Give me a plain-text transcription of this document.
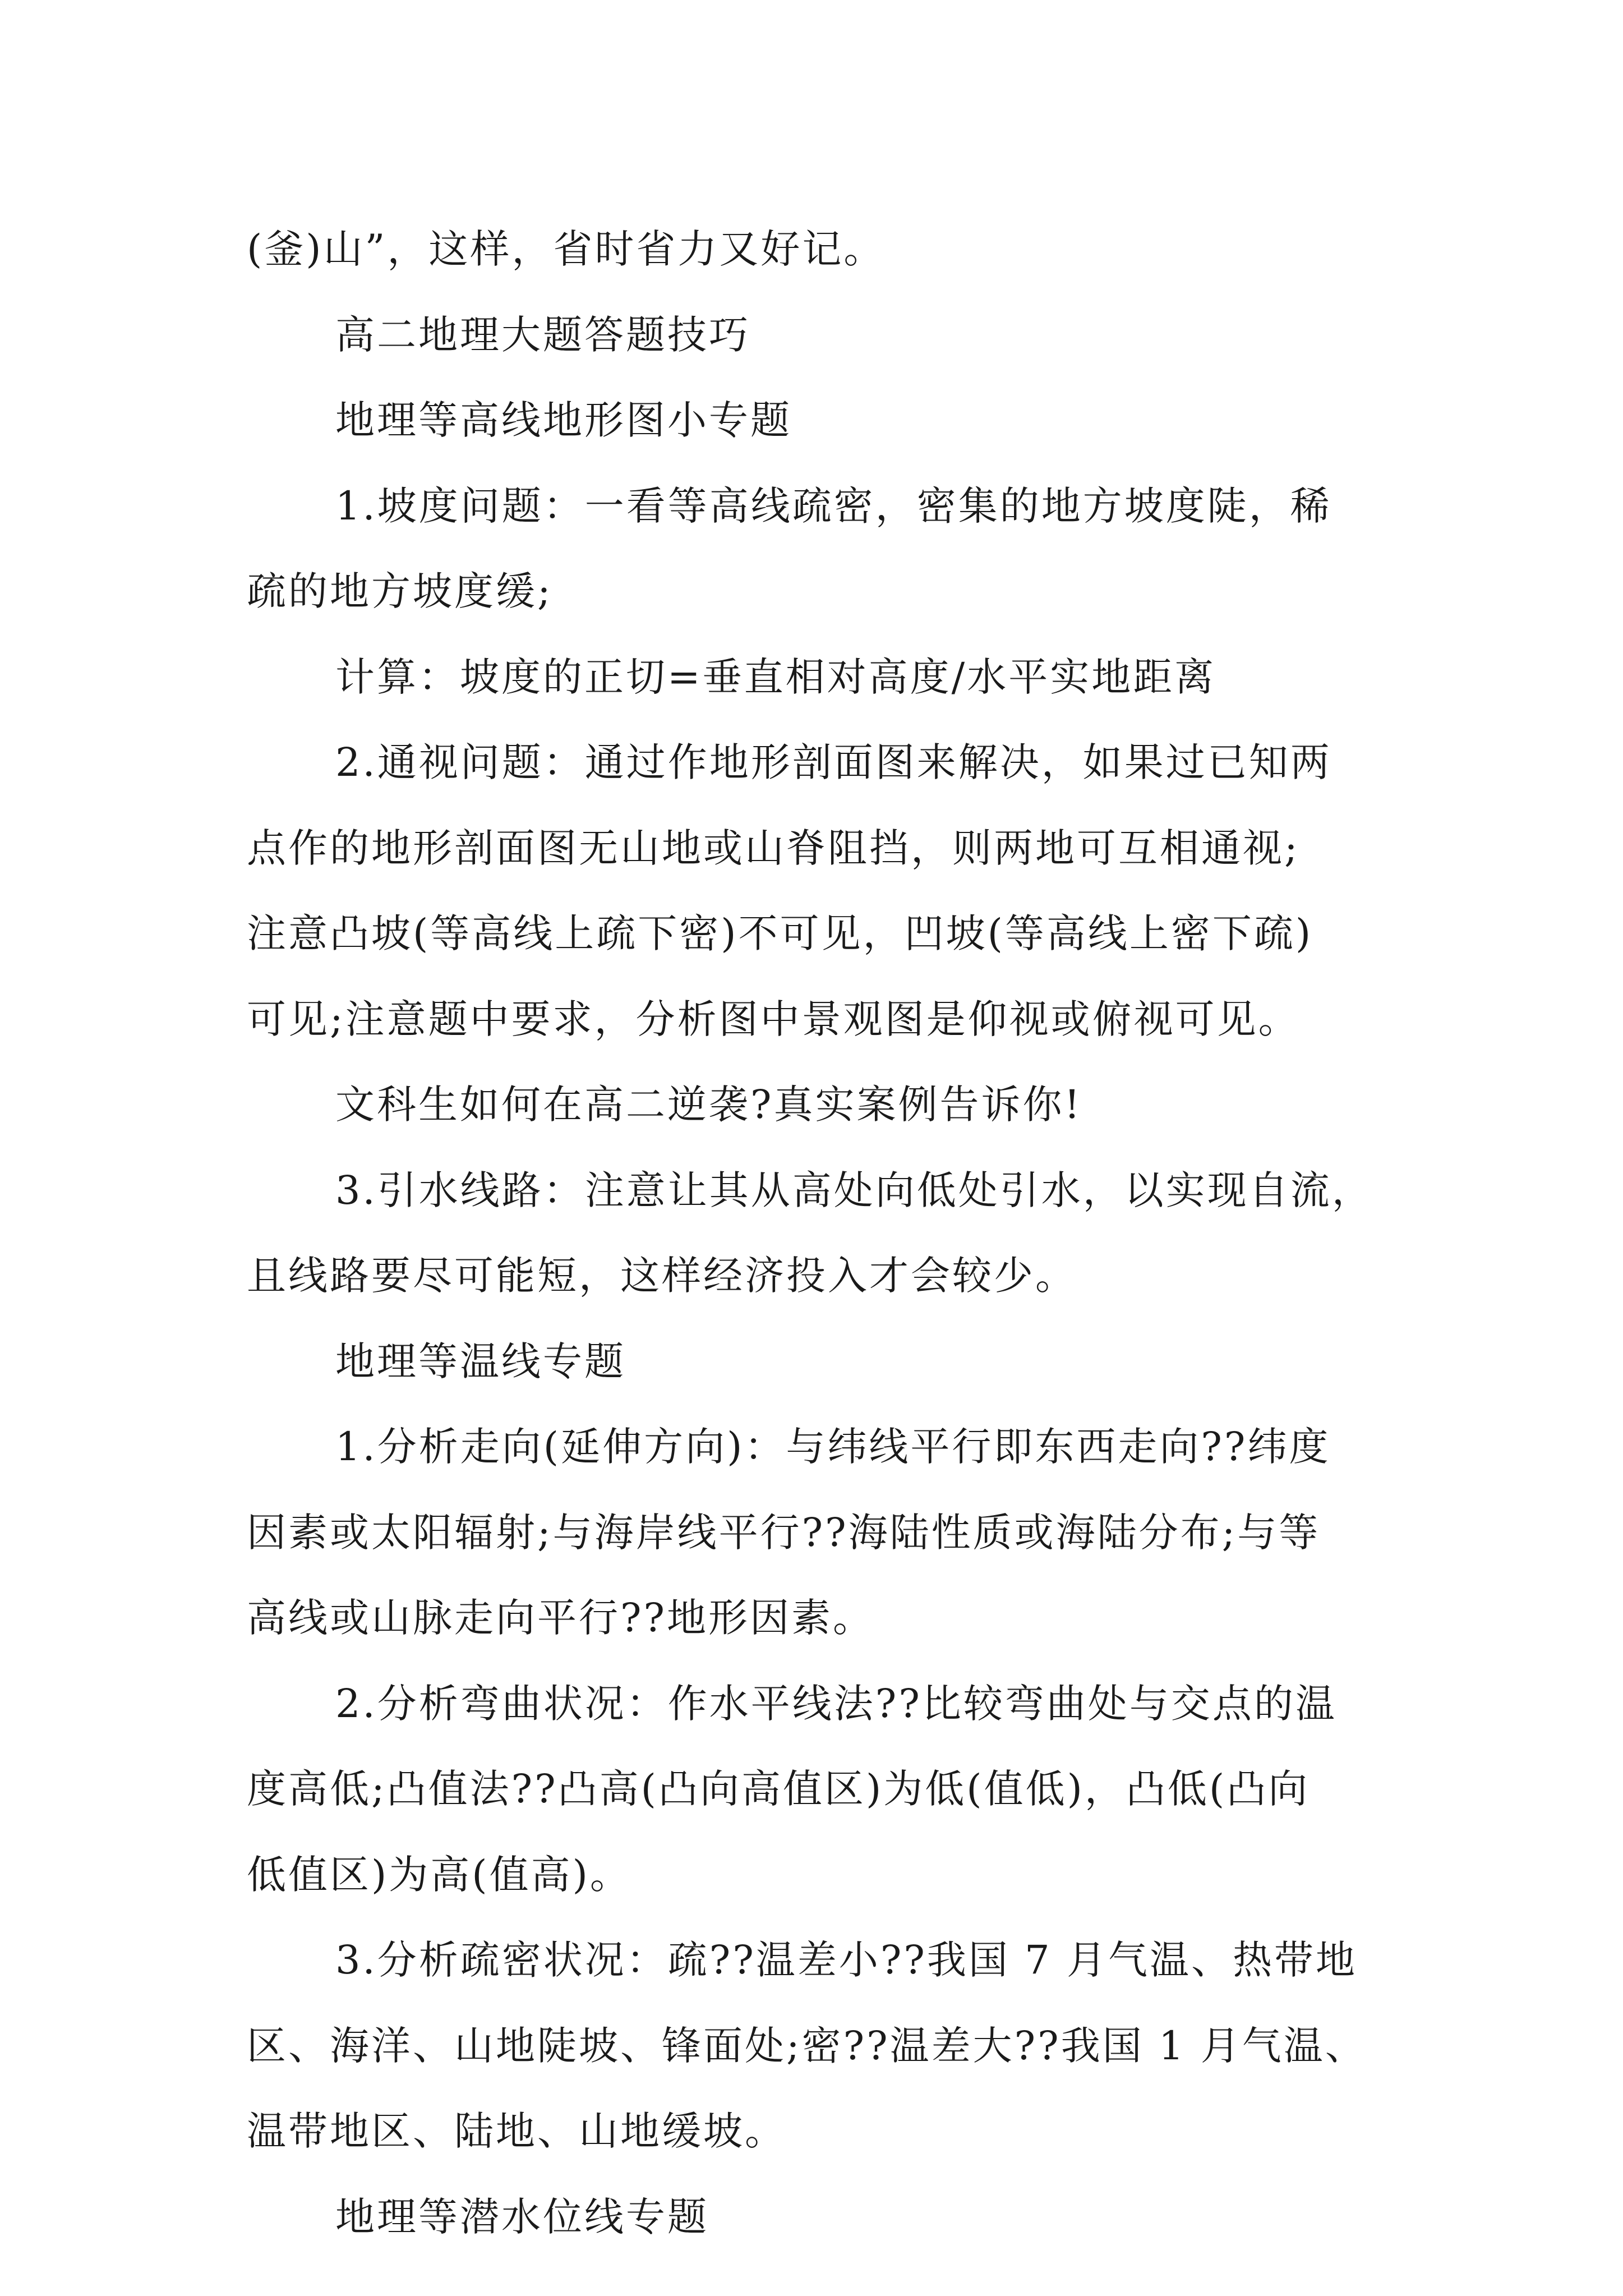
(釜)山”，这样，省时省力又好记。

高二地理大题答题技巧

地理等高线地形图小专题

1.坡度问题：一看等高线疏密，密集的地方坡度陡，稀

疏的地方坡度缓;

计算：坡度的正切=垂直相对高度/水平实地距离

2.通视问题：通过作地形剖面图来解决，如果过已知两

点作的地形剖面图无山地或山脊阻挡，则两地可互相通视;

注意凸坡(等高线上疏下密)不可见，凹坡(等高线上密下疏)

可见;注意题中要求，分析图中景观图是仰视或俯视可见。

文科生如何在高二逆袭?真实案例告诉你!

3.引水线路：注意让其从高处向低处引水，以实现自流，

且线路要尽可能短，这样经济投入才会较少。

地理等温线专题

1.分析走向(延伸方向)：与纬线平行即东西走向??纬度

因素或太阳辐射;与海岸线平行??海陆性质或海陆分布;与等

高线或山脉走向平行??地形因素。

2.分析弯曲状况：作水平线法??比较弯曲处与交点的温

度高低;凸值法??凸高(凸向高值区)为低(值低)，凸低(凸向

低值区)为高(值高)。

3.分析疏密状况：疏??温差小??我国 7 月气温、热带地

区、海洋、山地陡坡、锋面处;密??温差大??我国 1 月气温、

温带地区、陆地、山地缓坡。

地理等潜水位线专题
